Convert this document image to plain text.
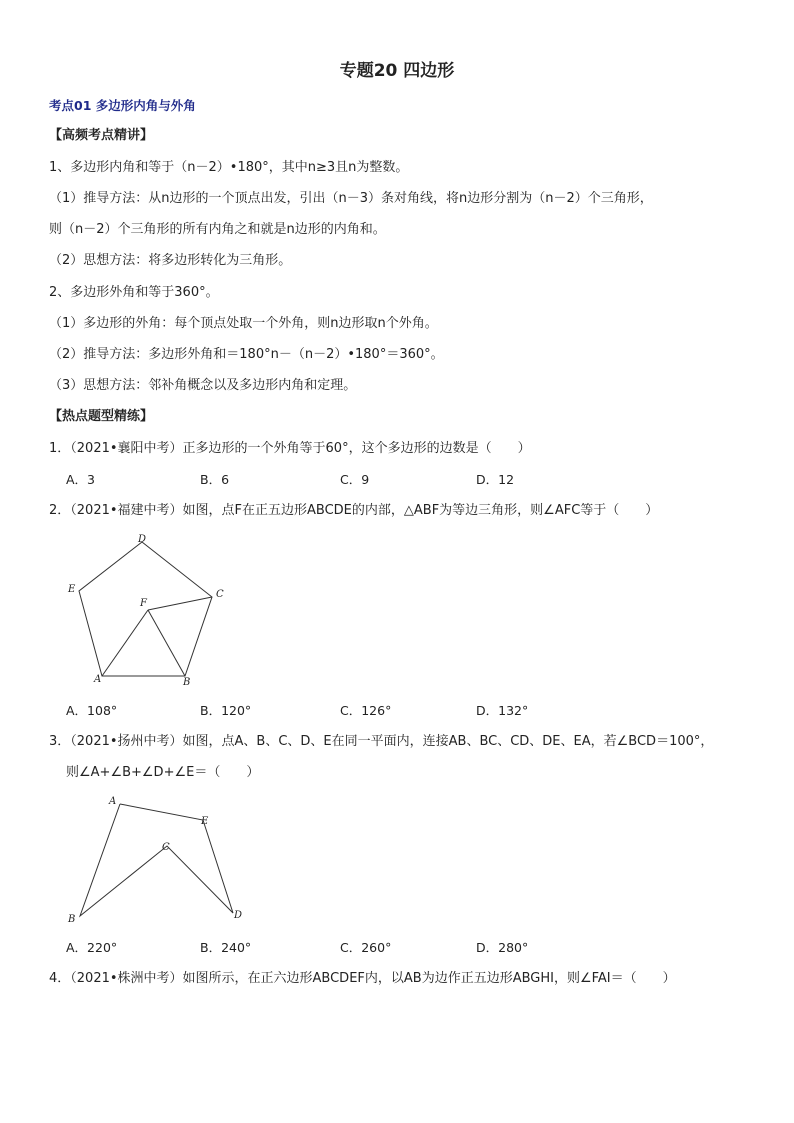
专题20 四边形
考点01 多边形内角与外角
【高频考点精讲】
1、多边形内角和等于（n－2）•180°，其中n≥3且n为整数。
（1）推导方法：从n边形的一个顶点出发，引出（n－3）条对角线，将n边形分割为（n－2）个三角形，
则（n－2）个三角形的所有内角之和就是n边形的内角和。
（2）思想方法：将多边形转化为三角形。
2、多边形外角和等于360°。
（1）多边形的外角：每个顶点处取一个外角，则n边形取n个外角。
（2）推导方法：多边形外角和＝180°n－（n－2）•180°＝360°。
（3）思想方法：邻补角概念以及多边形内角和定理。
【热点题型精练】
1．（2021•襄阳中考）正多边形的一个外角等于60°，这个多边形的边数是（　　）
A．3	B．6	C．9	D．12
2．（2021•福建中考）如图，点F在正五边形ABCDE的内部，△ABF为等边三角形，则∠AFC等于（　　）
D
E	C
F
A	B
A．108°	B．120°	C．126°	D．132°
3．（2021•扬州中考）如图，点A、B、C、D、E在同一平面内，连接AB、BC、CD、DE、EA，若∠BCD＝100°，
则∠A+∠B+∠D+∠E＝（　　）
A
E
C
B	D
A．220°	B．240°	C．260°	D．280°
4．（2021•株洲中考）如图所示，在正六边形ABCDEF内，以AB为边作正五边形ABGHI，则∠FAI＝（　　）
